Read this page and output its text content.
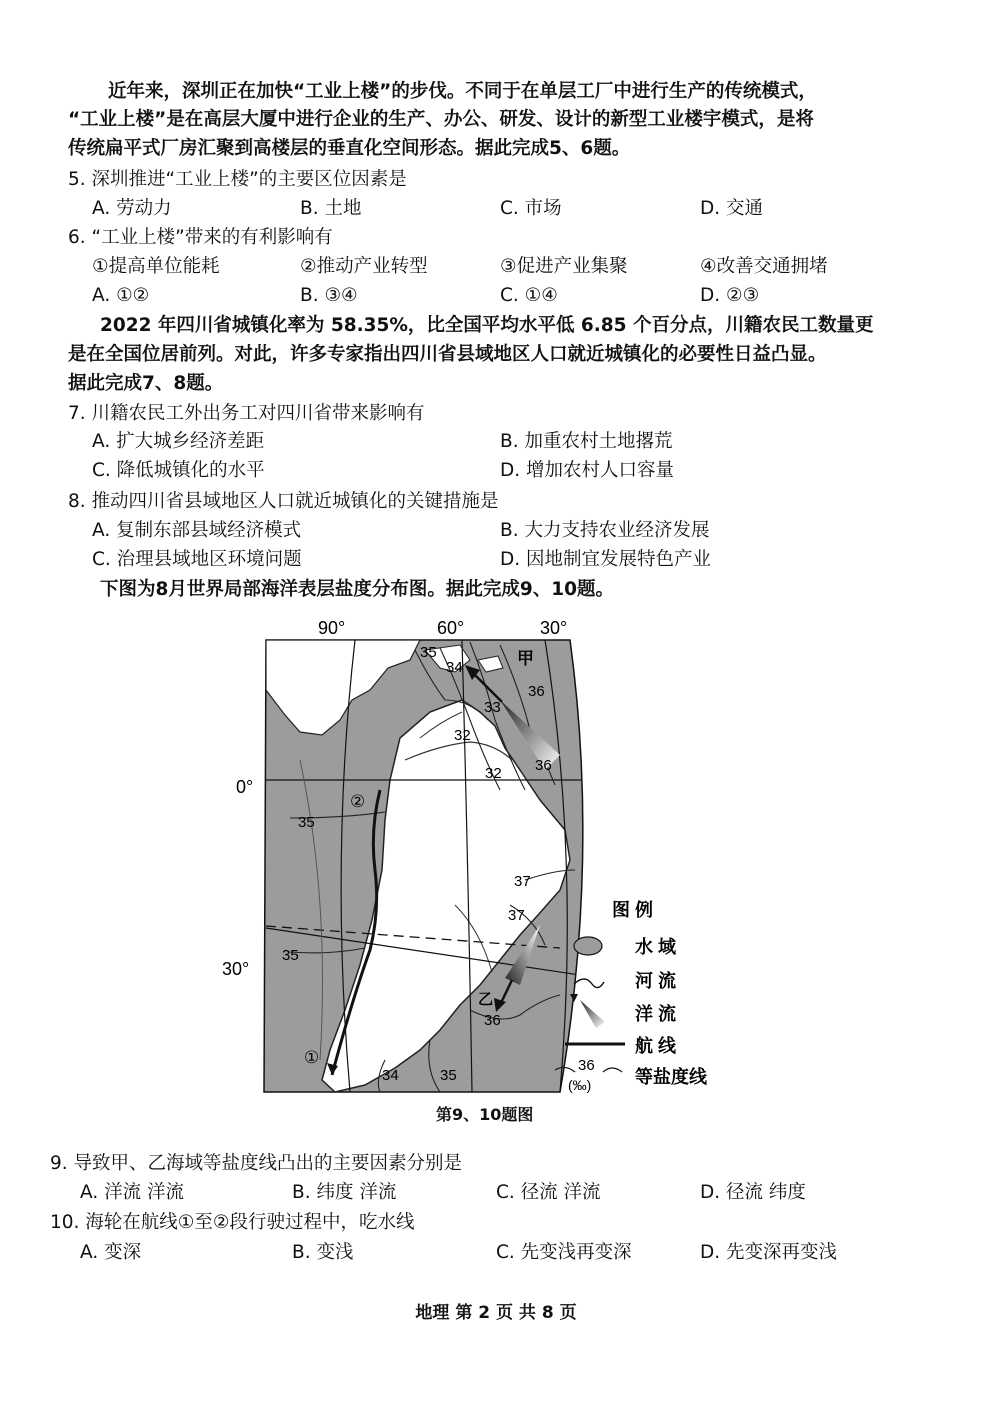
近年来，深圳正在加快“工业上楼”的步伐。不同于在单层工厂中进行生产的传统模式，
“工业上楼”是在高层大厦中进行企业的生产、办公、研发、设计的新型工业楼宇模式，是将
传统扁平式厂房汇聚到高楼层的垂直化空间形态。据此完成5、6题。
5. 深圳推进“工业上楼”的主要区位因素是
A. 劳动力	B. 土地	C. 市场	D. 交通
6. “工业上楼”带来的有利影响有
①提高单位能耗	②推动产业转型	③促进产业集聚	④改善交通拥堵
A. ①②	B. ③④	C. ①④	D. ②③
2022 年四川省城镇化率为 58.35%，比全国平均水平低 6.85 个百分点，川籍农民工数量更
是在全国位居前列。对此，许多专家指出四川省县域地区人口就近城镇化的必要性日益凸显。
据此完成7、8题。
7. 川籍农民工外出务工对四川省带来影响有
A. 扩大城乡经济差距	B. 加重农村土地撂荒
C. 降低城镇化的水平	D. 增加农村人口容量
8. 推动四川省县域地区人口就近城镇化的关键措施是
A. 复制东部县域经济模式	B. 大力支持农业经济发展
C. 治理县域地区环境问题	D. 因地制宜发展特色产业
下图为8月世界局部海洋表层盐度分布图。据此完成9、10题。
90°	60°	30°
0°
30°
35
34
33
36
32
32 36
35
37
37
35
36
34	35
甲
乙
①
②
图 例
水 域
河 流
洋 流
航 线
36
(‰) 等盐度线
第9、10题图
9. 导致甲、乙海域等盐度线凸出的主要因素分别是
A. 洋流 洋流	B. 纬度 洋流	C. 径流 洋流	D. 径流 纬度
10. 海轮在航线①至②段行驶过程中，吃水线
A. 变深	B. 变浅	C. 先变浅再变深	D. 先变深再变浅
地理 第 2 页 共 8 页
